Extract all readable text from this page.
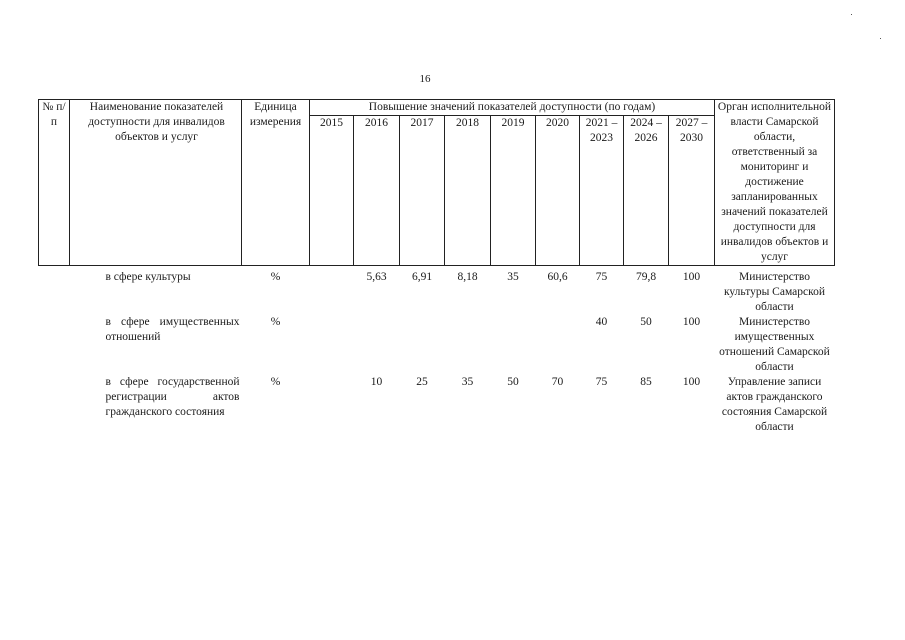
16
№ п/п	Наименование показателей доступности для инвалидов объектов и услуг	Единица измерения	Повышение значений показателей доступности (по годам)									Орган исполнительной власти Самарской области, ответственный за мониторинг и достижение запланированных значений показателей доступности для инвалидов объектов и услуг
			2015	2016	2017	2018	2019	2020	2021 – 2023	2024 – 2026	2027 – 2030	

	в сфере культуры	%		5,63	6,91	8,18	35	60,6	75	79,8	100	Министерство культуры Самарской области
	в сфере имущественных отношений	%							40	50	100	Министерство имущественных отношений Самарской области
	в сфере государственной регистрации актов гражданского состояния	%		10	25	35	50	70	75	85	100	Управление записи актов гражданского состояния Самарской области
